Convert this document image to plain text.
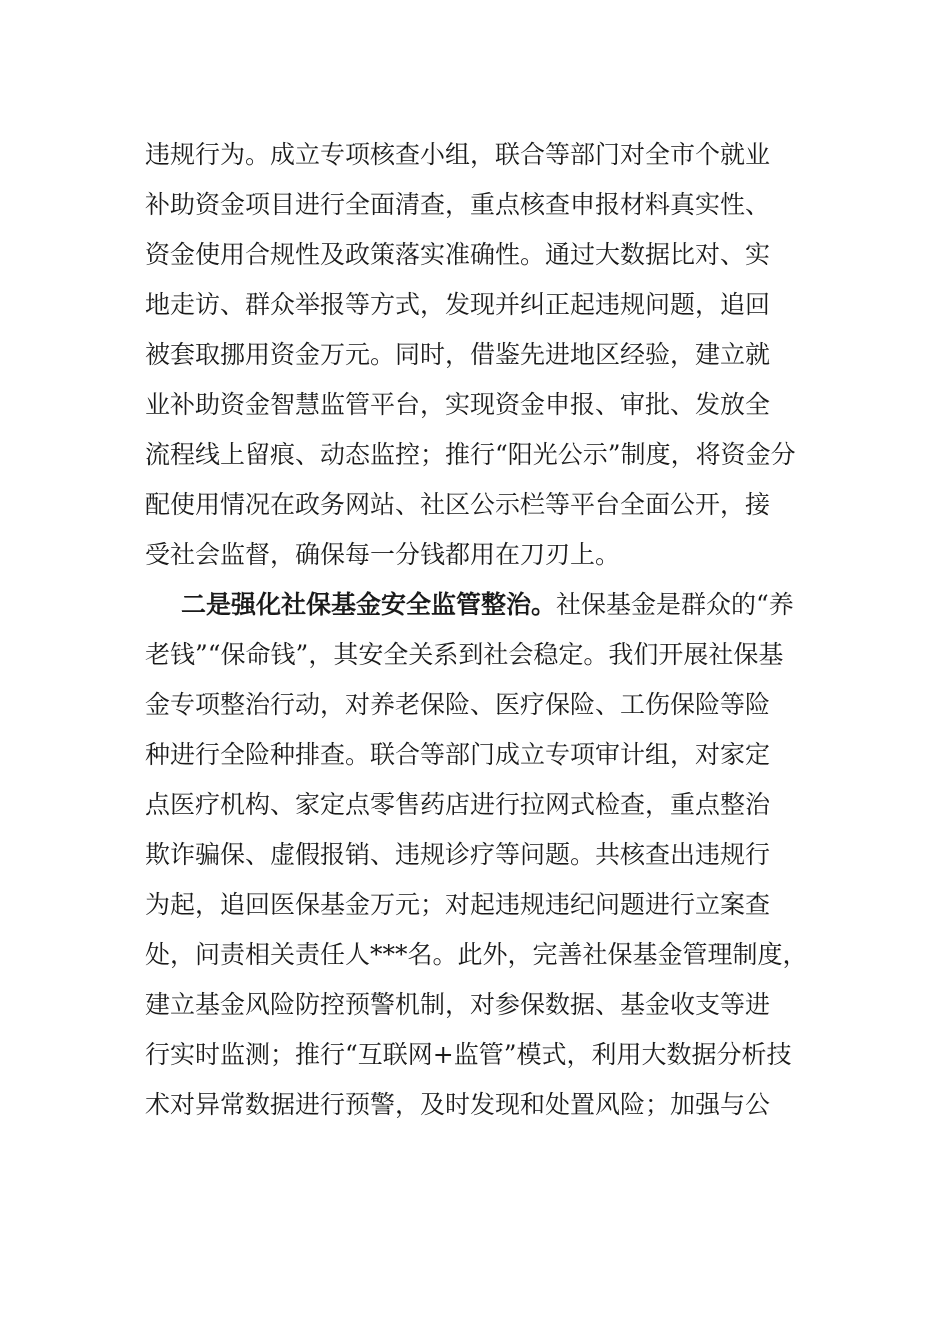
违规行为。成立专项核查小组，联合等部门对全市个就业
补助资金项目进行全面清查，重点核查申报材料真实性、
资金使用合规性及政策落实准确性。通过大数据比对、实
地走访、群众举报等方式，发现并纠正起违规问题，追回
被套取挪用资金万元。同时，借鉴先进地区经验，建立就
业补助资金智慧监管平台，实现资金申报、审批、发放全
流程线上留痕、动态监控；推行“阳光公示”制度，将资金分
配使用情况在政务网站、社区公示栏等平台全面公开，接
受社会监督，确保每一分钱都用在刀刃上。
二是强化社保基金安全监管整治。社保基金是群众的“养
老钱”“保命钱”，其安全关系到社会稳定。我们开展社保基
金专项整治行动，对养老保险、医疗保险、工伤保险等险
种进行全险种排查。联合等部门成立专项审计组，对家定
点医疗机构、家定点零售药店进行拉网式检查，重点整治
欺诈骗保、虚假报销、违规诊疗等问题。共核查出违规行
为起，追回医保基金万元；对起违规违纪问题进行立案查
处，问责相关责任人***名。此外，完善社保基金管理制度，
建立基金风险防控预警机制，对参保数据、基金收支等进
行实时监测；推行“互联网+监管”模式，利用大数据分析技
术对异常数据进行预警，及时发现和处置风险；加强与公
